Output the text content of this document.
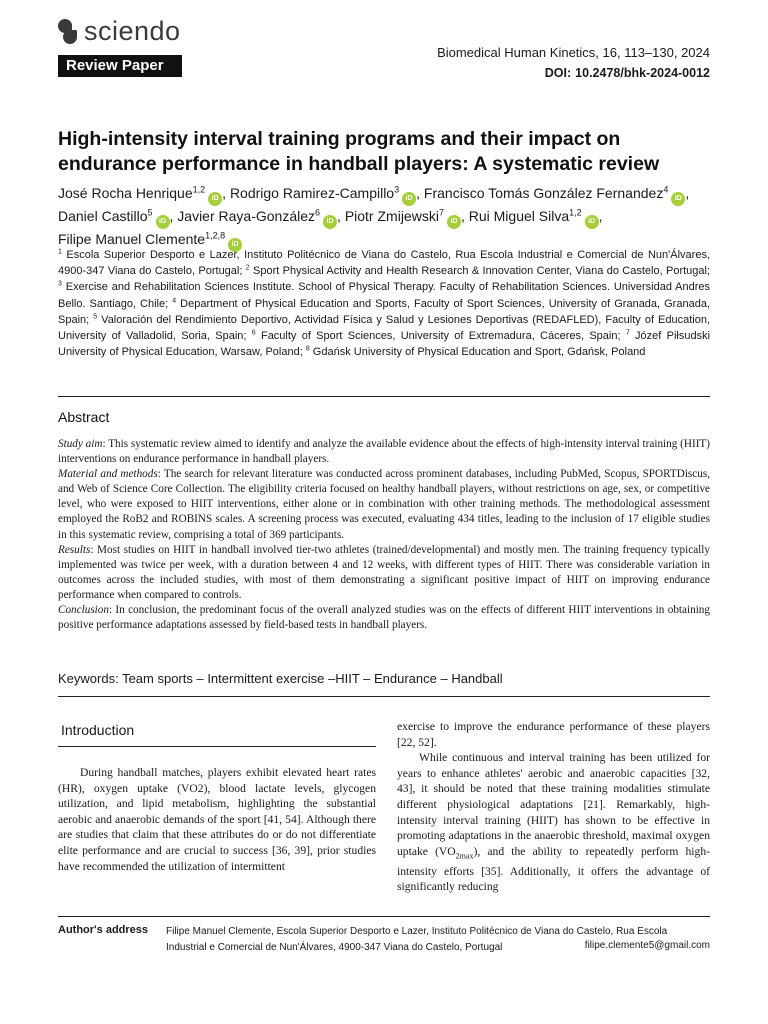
sciendo
Review Paper
Biomedical Human Kinetics, 16, 113–130, 2024
DOI: 10.2478/bhk-2024-0012
High-intensity interval training programs and their impact on endurance performance in handball players: A systematic review
José Rocha Henrique$^{1,2}$iD , Rodrigo Ramirez-Campillo$^3$iD , Francisco Tomás González Fernandez$^4$iD , Daniel Castillo$^5$iD , Javier Raya-González$^6$iD , Piotr Zmijewski$^7$iD , Rui Miguel Silva$^{1,2}$iD ,
Filipe Manuel Clemente$^{1,2,8}$iD
$^1$ Escola Superior Desporto e Lazer, Instituto Politécnico de Viana do Castelo, Rua Escola Industrial e Comercial de Nun'Álvares, 4900-347 Viana do Castelo, Portugal; $^2$ Sport Physical Activity and Health Research & Innovation Center, Viana do Castelo, Portugal; $^3$ Exercise and Rehabilitation Sciences Institute. School of Physical Therapy. Faculty of Rehabilitation Sciences. Universidad Andres Bello. Santiago, Chile; $^4$ Department of Physical Education and Sports, Faculty of Sport Sciences, University of Granada, Granada, Spain; $^5$ Valoración del Rendimiento Deportivo, Actividad Física y Salud y Lesiones Deportivas (REDAFLED), Faculty of Education, University of Valladolid, Soria, Spain; $^6$ Faculty of Sport Sciences, University of Extremadura, Cáceres, Spain; $^7$ Józef Piłsudski University of Physical Education, Warsaw, Poland; $^8$ Gdańsk University of Physical Education and Sport, Gdańsk, Poland
Abstract

Study aim: This systematic review aimed to identify and analyze the available evidence about the effects of high-intensity interval training (HIIT) interventions on endurance performance in handball players.

Material and methods: The search for relevant literature was conducted across prominent databases, including PubMed, Scopus, SPORTDiscus, and Web of Science Core Collection. The eligibility criteria focused on healthy handball players, without restrictions on age, sex, or competitive level, who were exposed to HIIT interventions, either alone or in combination with other training methods. The methodological assessment employed the RoB2 and ROBINS scales. A screening process was executed, evaluating 434 titles, leading to the inclusion of 17 eligible studies in this systematic review, comprising a total of 369 participants.

Results: Most studies on HIIT in handball involved tier-two athletes (trained/developmental) and mostly men. The training frequency typically implemented was twice per week, with a duration between 4 and 12 weeks, with different types of HIIT. There was considerable variation in outcomes across the included studies, with most of them demonstrating a significant positive impact of HIIT on improving endurance performance when compared to controls.

Conclusion: In conclusion, the predominant focus of the overall analyzed studies was on the effects of different HIIT interventions in obtaining positive performance adaptations assessed by field-based tests in handball players.

Keywords: Team sports – Intermittent exercise –HIIT – Endurance – Handball
Introduction

During handball matches, players exhibit elevated heart rates (HR), oxygen uptake (VO2), blood lactate levels, glycogen utilization, and lipid metabolism, highlighting the substantial aerobic and anaerobic demands of the sport [41, 54]. Although there are studies that claim that these attributes do or do not differentiate elite performance and are crucial to success [36, 39], prior studies have recommended the utilization of intermittent

exercise to improve the endurance performance of these players [22, 52].

While continuous and interval training has been utilized for years to enhance athletes' aerobic and anaerobic capacities [32, 43], it should be noted that these training modalities stimulate different physiological adaptations [21]. Remarkably, high-intensity interval training (HIIT) has shown to be effective in promoting adaptations in the anaerobic threshold, maximal oxygen uptake $(VO_{2max})$, and the ability to repeatedly perform high-intensity efforts [35]. Additionally, it offers the advantage of significantly reducing

Author's address Filipe Manuel Clemente, Escola Superior Desporto e Lazer, Instituto Politécnico de Viana do Castelo, Rua Escola Industrial e Comercial de Nun'Álvares, 4900-347 Viana do Castelo, Portugal	filipe.clemente5@gmail.com
